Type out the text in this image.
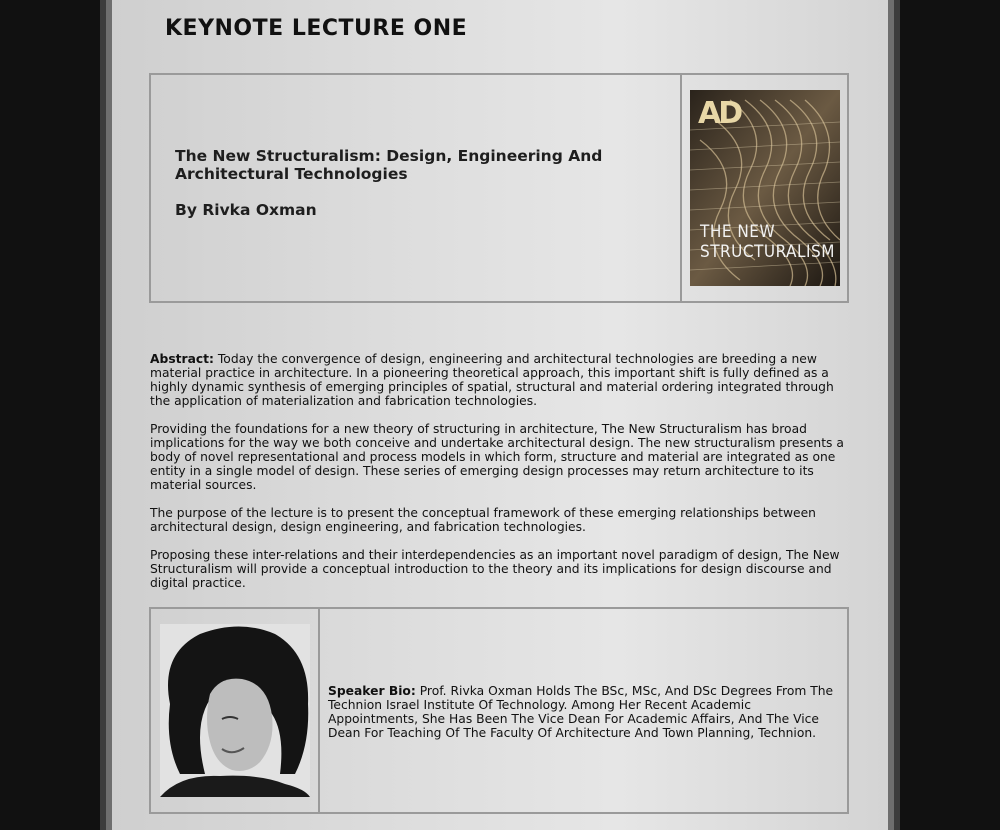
KEYNOTE LECTURE ONE
The New Structuralism: Design, Engineering And Architectural Technologies
By Rivka Oxman
AD
THE NEW
STRUCTURALISM

Abstract: Today the convergence of design, engineering and architectural technologies are breeding a new material practice in architecture. In a pioneering theoretical approach, this important shift is fully defined as a highly dynamic synthesis of emerging principles of spatial, structural and material ordering integrated through the application of materialization and fabrication technologies.

Providing the foundations for a new theory of structuring in architecture, The New Structuralism has broad implications for the way we both conceive and undertake architectural design. The new structuralism presents a body of novel representational and process models in which form, structure and material are integrated as one entity in a single model of design. These series of emerging design processes may return architecture to its material sources.

The purpose of the lecture is to present the conceptual framework of these emerging relationships between architectural design, design engineering, and fabrication technologies.

Proposing these inter-relations and their interdependencies as an important novel paradigm of design, The New Structuralism will provide a conceptual introduction to the theory and its implications for design discourse and digital practice.

Speaker Bio: Prof. Rivka Oxman Holds The BSc, MSc, And DSc Degrees From The Technion Israel Institute Of Technology. Among Her Recent Academic Appointments, She Has Been The Vice Dean For Academic Affairs, And The Vice Dean For Teaching Of The Faculty Of Architecture And Town Planning, Technion.
